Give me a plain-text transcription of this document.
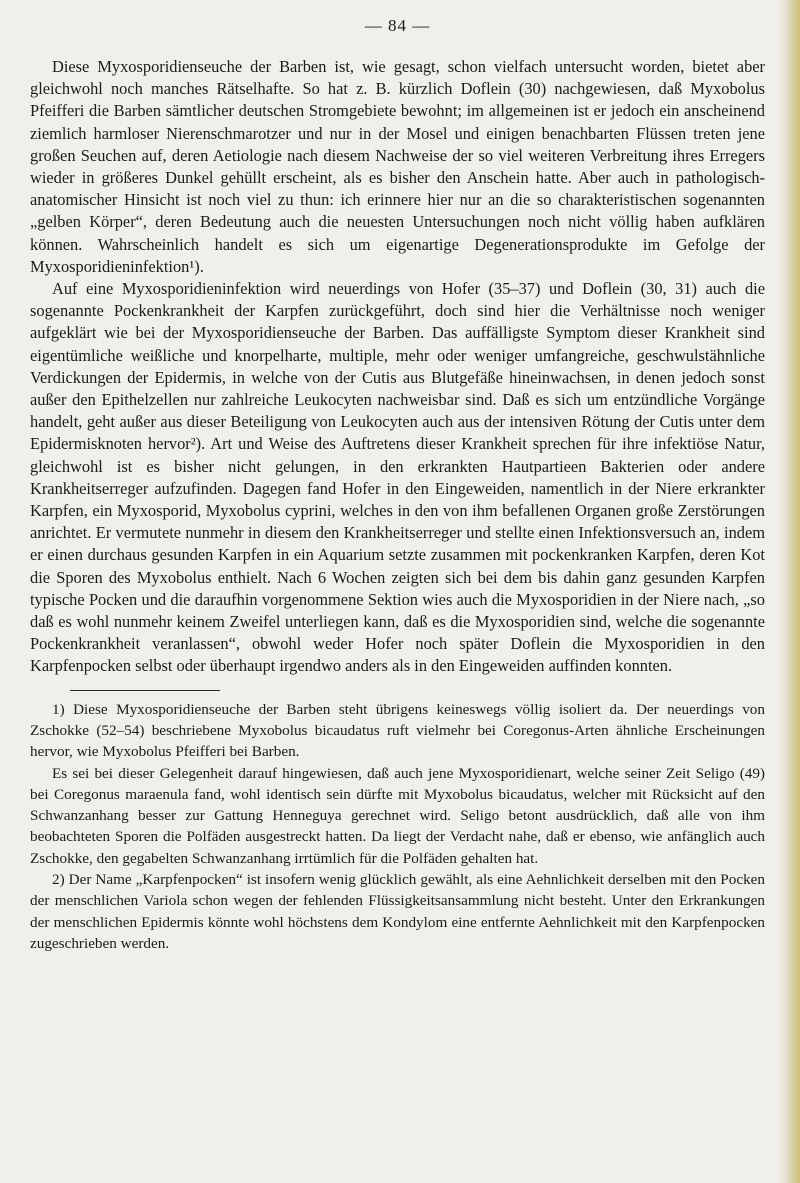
— 84 —

Diese Myxosporidienseuche der Barben ist, wie gesagt, schon vielfach untersucht worden, bietet aber gleichwohl noch manches Rätselhafte. So hat z. B. kürzlich Doflein (30) nachgewiesen, daß Myxobolus Pfeifferi die Barben sämtlicher deutschen Stromgebiete bewohnt; im allgemeinen ist er jedoch ein anscheinend ziemlich harmloser Nierenschmarotzer und nur in der Mosel und einigen benachbarten Flüssen treten jene großen Seuchen auf, deren Aetiologie nach diesem Nachweise der so viel weiteren Verbreitung ihres Erregers wieder in größeres Dunkel gehüllt erscheint, als es bisher den Anschein hatte. Aber auch in pathologisch-anatomischer Hinsicht ist noch viel zu thun: ich erinnere hier nur an die so charakteristischen sogenannten „gelben Körper“, deren Bedeutung auch die neuesten Untersuchungen noch nicht völlig haben aufklären können. Wahrscheinlich handelt es sich um eigenartige Degenerationsprodukte im Gefolge der Myxosporidieninfektion¹).

Auf eine Myxosporidieninfektion wird neuerdings von Hofer (35–37) und Doflein (30, 31) auch die sogenannte Pockenkrankheit der Karpfen zurückgeführt, doch sind hier die Verhältnisse noch weniger aufgeklärt wie bei der Myxosporidienseuche der Barben. Das auffälligste Symptom dieser Krankheit sind eigentümliche weißliche und knorpelharte, multiple, mehr oder weniger umfangreiche, geschwulstähnliche Verdickungen der Epidermis, in welche von der Cutis aus Blutgefäße hineinwachsen, in denen jedoch sonst außer den Epithelzellen nur zahlreiche Leukocyten nachweisbar sind. Daß es sich um entzündliche Vorgänge handelt, geht außer aus dieser Beteiligung von Leukocyten auch aus der intensiven Rötung der Cutis unter dem Epidermisknoten hervor²). Art und Weise des Auftretens dieser Krankheit sprechen für ihre infektiöse Natur, gleichwohl ist es bisher nicht gelungen, in den erkrankten Hautpartieen Bakterien oder andere Krankheitserreger aufzufinden. Dagegen fand Hofer in den Eingeweiden, namentlich in der Niere erkrankter Karpfen, ein Myxosporid, Myxobolus cyprini, welches in den von ihm befallenen Organen große Zerstörungen anrichtet. Er vermutete nunmehr in diesem den Krankheitserreger und stellte einen Infektionsversuch an, indem er einen durchaus gesunden Karpfen in ein Aquarium setzte zusammen mit pockenkranken Karpfen, deren Kot die Sporen des Myxobolus enthielt. Nach 6 Wochen zeigten sich bei dem bis dahin ganz gesunden Karpfen typische Pocken und die daraufhin vorgenommene Sektion wies auch die Myxosporidien in der Niere nach, „so daß es wohl nunmehr keinem Zweifel unterliegen kann, daß es die Myxosporidien sind, welche die sogenannte Pockenkrankheit veranlassen“, obwohl weder Hofer noch später Doflein die Myxosporidien in den Karpfenpocken selbst oder überhaupt irgendwo anders als in den Eingeweiden auffinden konnten.

1) Diese Myxosporidienseuche der Barben steht übrigens keineswegs völlig isoliert da. Der neuerdings von Zschokke (52–54) beschriebene Myxobolus bicaudatus ruft vielmehr bei Coregonus-Arten ähnliche Erscheinungen hervor, wie Myxobolus Pfeifferi bei Barben.

Es sei bei dieser Gelegenheit darauf hingewiesen, daß auch jene Myxosporidienart, welche seiner Zeit Seligo (49) bei Coregonus maraenula fand, wohl identisch sein dürfte mit Myxobolus bicaudatus, welcher mit Rücksicht auf den Schwanzanhang besser zur Gattung Henneguya gerechnet wird. Seligo betont ausdrücklich, daß alle von ihm beobachteten Sporen die Polfäden ausgestreckt hatten. Da liegt der Verdacht nahe, daß er ebenso, wie anfänglich auch Zschokke, den gegabelten Schwanzanhang irrtümlich für die Polfäden gehalten hat.

2) Der Name „Karpfenpocken“ ist insofern wenig glücklich gewählt, als eine Aehnlichkeit derselben mit den Pocken der menschlichen Variola schon wegen der fehlenden Flüssigkeitsansammlung nicht besteht. Unter den Erkrankungen der menschlichen Epidermis könnte wohl höchstens dem Kondylom eine entfernte Aehnlichkeit mit den Karpfenpocken zugeschrieben werden.
